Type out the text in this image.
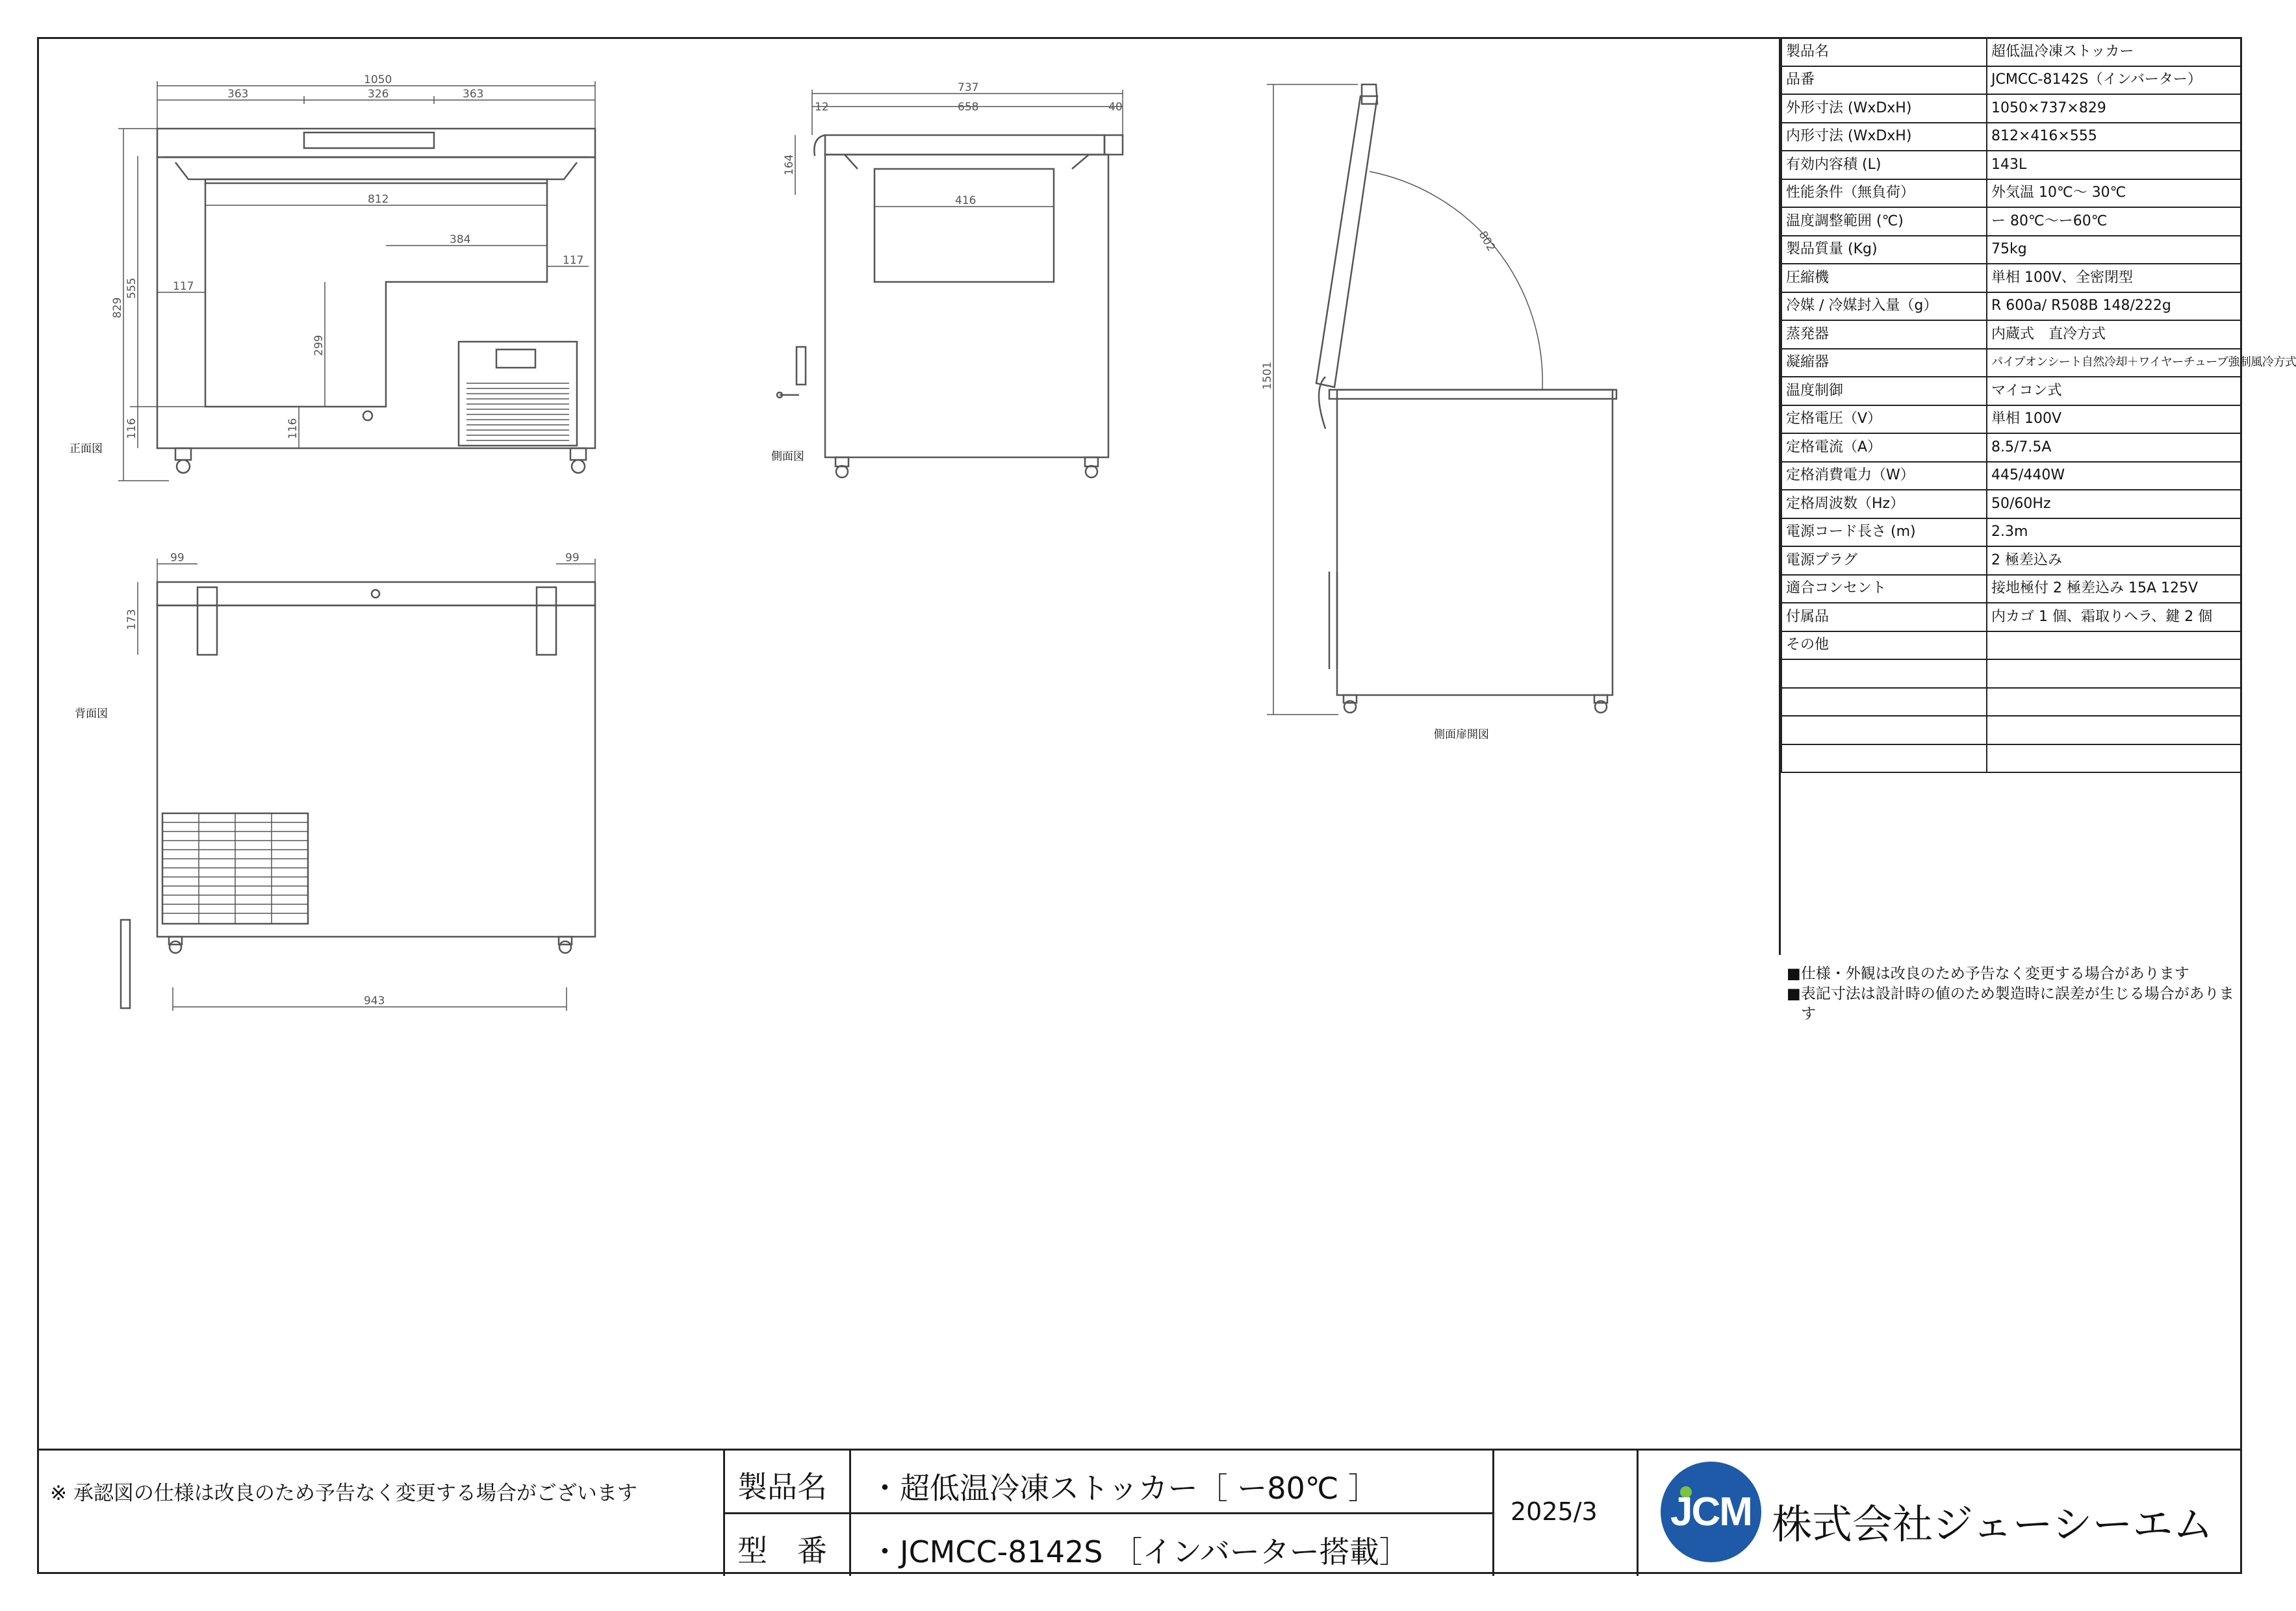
1050
363	326	363
812
384
117
117
299
116
555
829
116
737
658
12	40
164
416
99	99
173
943
1501
802
正面図
側面図
背面図
側面扉開図
製品名	超低温冷凍ストッカー
品番	JCMCC-8142S（インバーター）
外形寸法 (WxDxH)	1050×737×829
内形寸法 (WxDxH)	812×416×555
有効内容積 (L)	143L
性能条件（無負荷）	外気温 10℃～ 30℃
温度調整範囲 (℃)	ー 80℃～ー60℃
製品質量 (Kg)	75kg
圧縮機	単相 100V、全密閉型
冷媒 / 冷媒封入量（g）	R 600a/ R508B 148/222g
蒸発器	内蔵式　直冷方式
凝縮器	パイプオンシート自然冷却＋ワイヤーチューブ強制風冷方式
温度制御	マイコン式
定格電圧（V）	単相 100V
定格電流（A）	8.5/7.5A
定格消費電力（W）	445/440W
定格周波数（Hz）	50/60Hz
電源コード長さ (m)	2.3m
電源プラグ	2 極差込み
適合コンセント	接地極付 2 極差込み 15A 125V
付属品	内カゴ 1 個、霜取りヘラ、鍵 2 個
その他	

■仕様・外観は改良のため予告なく変更する場合があります
■表記寸法は設計時の値のため製造時に誤差が生じる場合があります
※ 承認図の仕様は改良のため予告なく変更する場合がございます	製品名 ・超低温冷凍ストッカー［ ー80℃ ］
型　番 ・JCMCC-8142S ［インバーター搭載］
2025/3	株式会社ジェーシーエム
JCM
